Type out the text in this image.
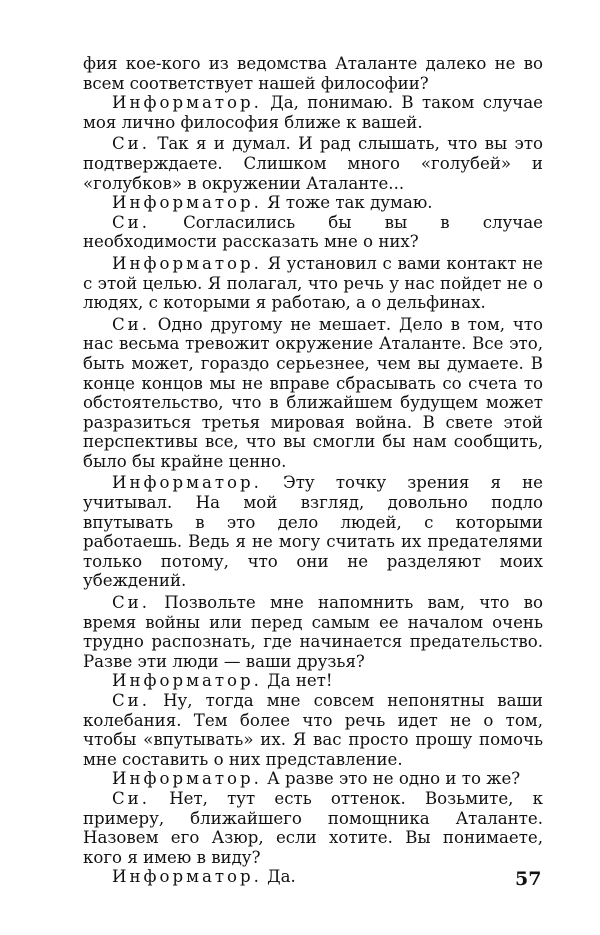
фия кое-кого из ведомства Аталанте далеко не во всем соответствует нашей философии?

Информатор. Да, понимаю. В таком случае моя лично философия ближе к вашей.

Си. Так я и думал. И рад слышать, что вы это подтверждаете. Слишком много «голубей» и «голубков» в окружении Аталанте...

Информатор. Я тоже так думаю.

Си. Согласились бы вы в случае необходимости рассказать мне о них?

Информатор. Я установил с вами контакт не с этой целью. Я полагал, что речь у нас пойдет не о людях, с которыми я работаю, а о дельфинах.

Си. Одно другому не мешает. Дело в том, что нас весьма тревожит окружение Аталанте. Все это, быть может, гораздо серьезнее, чем вы думаете. В конце концов мы не вправе сбрасывать со счета то обстоятельство, что в ближайшем будущем может разразиться третья мировая война. В свете этой перспективы все, что вы смогли бы нам сообщить, было бы крайне ценно.

Информатор. Эту точку зрения я не учитывал. На мой взгляд, довольно подло впутывать в это дело людей, с которыми работаешь. Ведь я не могу считать их предателями только потому, что они не разделяют моих убеждений.

Си. Позвольте мне напомнить вам, что во время войны или перед самым ее началом очень трудно распознать, где начинается предательство. Разве эти люди — ваши друзья?

Информатор. Да нет!

Си. Ну, тогда мне совсем непонятны ваши колебания. Тем более что речь идет не о том, чтобы «впутывать» их. Я вас просто прошу помочь мне составить о них представление.

Информатор. А разве это не одно и то же?

Си. Нет, тут есть оттенок. Возьмите, к примеру, ближайшего помощника Аталанте. Назовем его Азюр, если хотите. Вы понимаете, кого я имею в виду?

Информатор. Да.	57
